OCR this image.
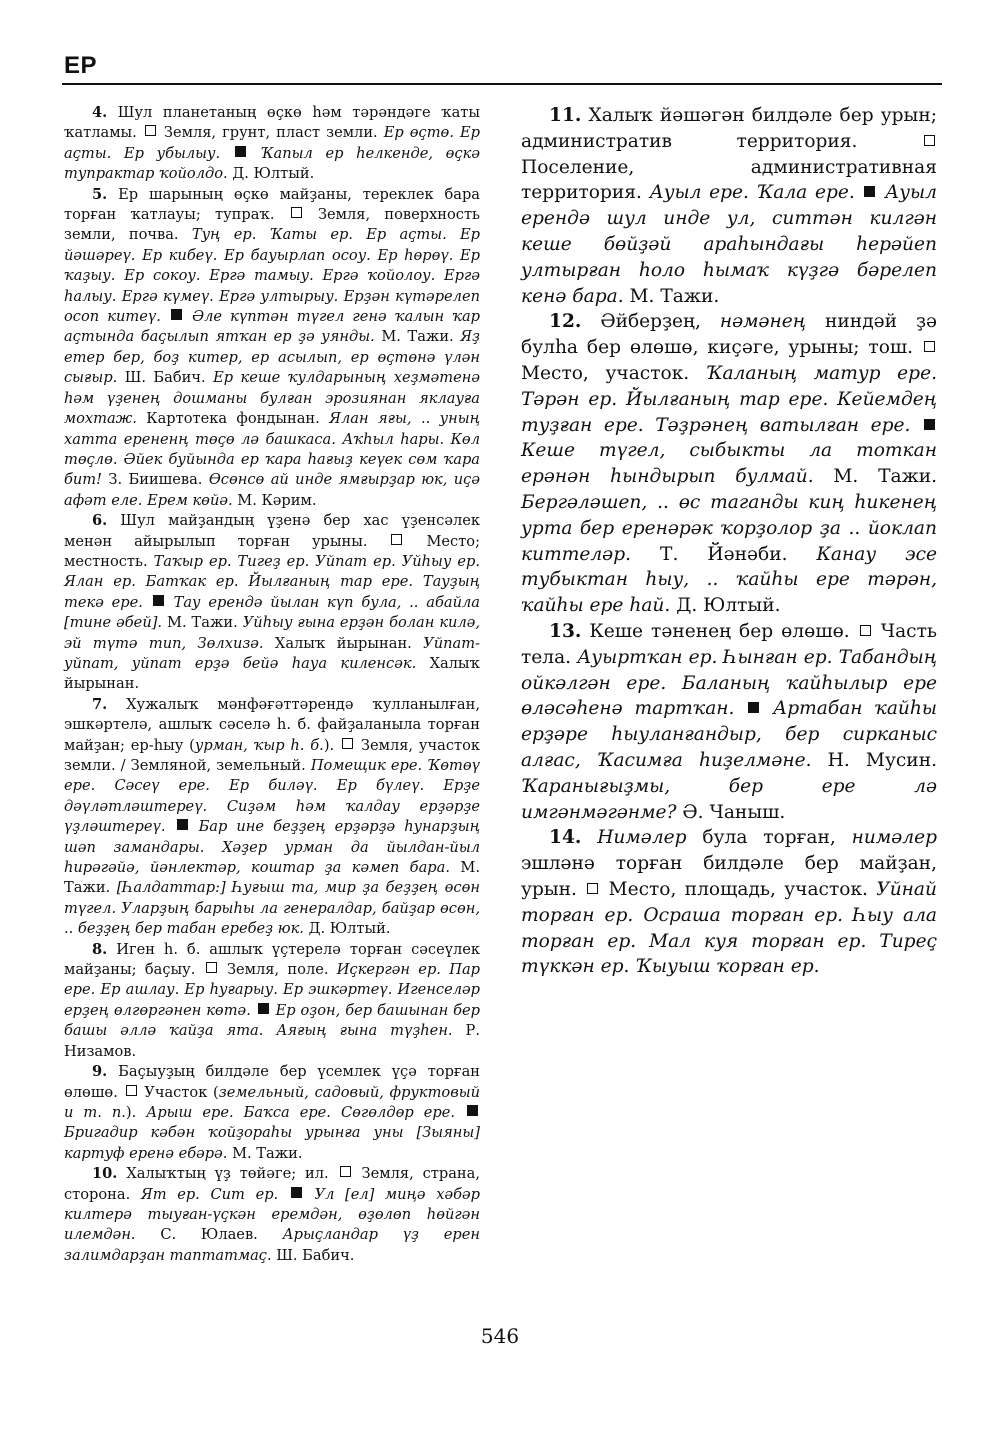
ЕР

4. Шул планетаның өҫкө һәм тәрәндәге ҡаты ҡатламы.  Земля, грунт, пласт земли. Ер өҫтө. Ер аҫты. Ер убылыу.  Ҡапыл ер һелкенде, өҫкә тупрактар ҡойолдо. Д. Юлтый.

5. Ер шарының өҫкө майҙаны, тереклек бара торған ҡатлауы; тупраҡ.  Земля, поверхность земли, почва. Туң ер. Ҡаты ер. Ер аҫты. Ер йәшәреү. Ер кибеү. Ер бауырлап осоу. Ер һөрөү. Ер ҡаҙыу. Ер сокоу. Ергә тамыу. Ергә ҡойолоу. Ергә һалыу. Ергә күмеү. Ергә ултырыу. Ерҙән күтәрелеп осоп китеү.  Әле күптән түгел генә ҡалын ҡар аҫтында баҫылып ятҡан ер ҙә уянды. М. Тажи. Яҙ етер бер, боҙ китер, ер асылып, ер өҫтөнә үлән сығыр. Ш. Бабич. Ер кеше ҡулдарының хеҙмәтенә һәм үҙенең дошманы булған эрозиянан яклауға мохтаж. Картотека фондынан. Ялан яғы, .. уның хатта ерененң төҫө лә башкаса. Аҡһыл һары. Көл төҫлө. Әйек буйында ер ҡара һағыҙ кеүек сөм ҡара бит! З. Биишева. Өсөнсө ай инде ямғырҙар юк, иҫә афәт еле. Ерем көйә. М. Кәрим.

6. Шул майҙандың үҙенә бер хас үҙенсәлек менән айырылып торған урыны.  Место; местность. Таҡыр ер. Тигеҙ ер. Уйпат ер. Уйһыу ер. Ялан ер. Батҡак ер. Йылғаның тар ере. Тауҙың текә ере.  Тау ерендә йылан күп була, .. абайла [тине әбей]. М. Тажи. Уйһыу ғына ерҙән болан килә, эй түтә тип, Зөлхизә. Халыҡ йырынан. Уйпат-уйпат, уйпат ерҙә бейә һауа киленсәк. Халыҡ йырынан.

7. Хужалыҡ мәнфәғәттәрендә ҡулланылған, эшкәртелә, ашлыҡ сәселә һ. б. файҙаланыла торған майҙан; ер-һыу (урман, ҡыр һ. б.).  Земля, участок земли. / Земляной, земельный. Помещик ере. Ҡөтөү ере. Сәсеү ере. Ер биләү. Ер бүлеү. Ерҙе дәүләтләштереү. Сиҙәм һәм ҡалдау ерҙәрҙе үҙләштереү.  Бар ине беҙҙең ерҙәрҙә һунарҙың шәп замандары. Хәҙер урман да йылдан-йыл һирәгәйә, йәнлектәр, коштар ҙа кәмеп бара. М. Тажи. [Һалдаттар:] Һуғыш та, мир ҙа беҙҙең өсөн түгел. Уларҙың барыһы ла генералдар, байҙар өсөн, .. беҙҙең бер табан еребеҙ юк. Д. Юлтый.

8. Иген һ. б. ашлыҡ үҫтерелә торған сәсеүлек майҙаны; баҫыу.  Земля, поле. Иҫкергән ер. Пар ере. Ер ашлау. Ер һуғарыу. Ер эшкәртеү. Игенселәр ерҙең өлгөргәнен көтә.  Ер оҙон, бер башынан бер башы әллә ҡайҙа ята. Аяғың ғына түҙһен. Р. Низамов.

9. Баҫыуҙың билдәле бер үсемлек үҫә торған өлөшө.  Участок (земельный, садовый, фруктовый и т. п.). Арыш ере. Баҡса ере. Сөгөлдөр ере.  Бригадир кәбән ҡойҙораһы урынға уны [Зыяны] картуф еренә ебәрә. М. Тажи.

10. Халыҡтың үҙ төйәге; ил.  Земля, страна, сторона. Ят ер. Сит ер.  Ул [ел] миңә хәбәр килтерә тыуған-үҫкән еремдән, өҙөлөп һөйгән илемдән. С. Юлаев. Арыҫландар үҙ ерен залимдарҙан таптатмаҫ. Ш. Бабич.

11. Халыҡ йәшәгән билдәле бер урын; административ территория.  Поселение, административная территория. Ауыл ере. Ҡала ере.  Ауыл ерендә шул инде ул, ситтән килгән кеше бөйҙәй араһындағы һерәйеп ултырған һоло һымаҡ күҙгә бәрелеп кенә бара. М. Тажи.

12. Әйберҙең, нәмәнең ниндәй ҙә булһа бер өлөшө, киҫәге, урыны; тош.  Место, участок. Ҡаланың матур ере. Тәрән ер. Йылғаның тар ере. Кейемдең туҙған ере. Тәҙрәнең ватылған ере.  Кеше түгел, сыбыкты ла тоткан ерәнән һындырып булмай. М. Тажи. Бергәләшеп, .. өс таганды киң һикенең урта бер еренәрәк ҡорҙолор ҙа .. йоклап киттеләр. Т. Йәнәби. Канау эсе тубыктан һыу, .. ҡайһы ере тәрән, ҡайһы ере һай. Д. Юлтый.

13. Кеше тәненең бер өлөшө.  Часть тела. Ауыртҡан ер. Һынған ер. Табандың ойкәлгән ере. Баланың ҡайһылыр ере өләсәһенә тартҡан.  Артабан ҡайһы ерҙәре һыуланғандыр, бер сирканыс алғас, Ҡасимға һиҙелмәне. Н. Мусин. Ҡаранығыҙмы, бер ере лә имгәнмәгәнме? Ә. Чаныш.

14. Нимәлер була торған, нимәлер эшләнә торған билдәле бер майҙан, урын.  Место, площадь, участок. Уйнай торған ер. Осраша торған ер. Һыу ала торған ер. Мал куя торған ер. Тиреҫ түккән ер. Ҡыуыш ҡорған ер.

546
